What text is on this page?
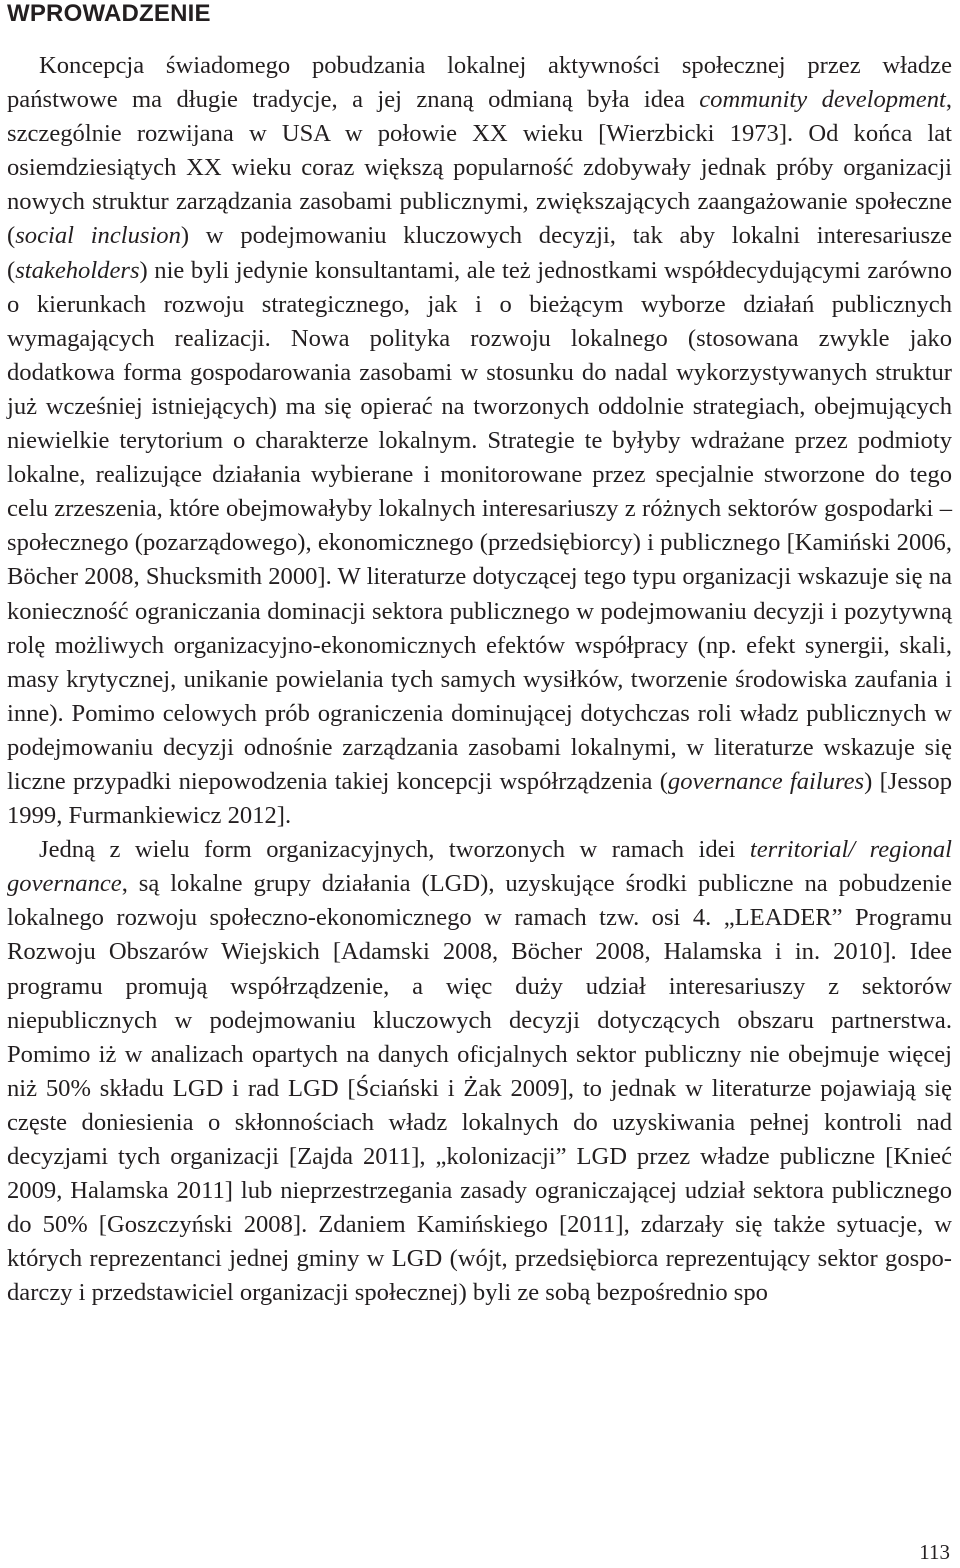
WPROWADZENIE

Koncepcja świadomego pobudzania lokalnej aktywności społecznej przez władze państwowe ma długie tradycje, a jej znaną odmianą była idea community development, szczególnie rozwijana w USA w połowie XX wieku [Wierzbicki 1973]. Od końca lat osiemdziesiątych XX wieku coraz większą popularność zdobywały jednak próby organizacji nowych struktur zarządzania zasobami publicznymi, zwiększających zaangażowanie społeczne (social inclusion) w podejmowaniu kluczowych decyzji, tak aby lokalni interesariusze (stakeholders) nie byli jedynie konsultantami, ale też jednostkami współdecydującymi zarówno o kierunkach rozwoju strategicznego, jak i o bieżącym wyborze działań publicznych wymagających realizacji. Nowa polityka rozwoju lokalnego (stosowana zwykle jako dodatkowa forma gospodarowania zasobami w stosunku do nadal wykorzystywanych struktur już wcześniej istniejących) ma się opierać na tworzonych oddolnie strategiach, obejmujących niewielkie terytorium o charakterze lokalnym. Strategie te byłyby wdrażane przez podmioty lokalne, realizujące działania wybierane i monitorowane przez specjalnie stworzone do tego celu zrzeszenia, które obejmowałyby lokalnych interesariuszy z różnych sektorów gospodarki – społecznego (pozarządowego), ekonomicznego (przedsiębiorcy) i publicznego [Kamiński 2006, Böcher 2008, Shucksmith 2000]. W literaturze dotyczącej tego typu organizacji wskazuje się na konieczność ograniczania dominacji sektora publicznego w podejmowaniu decyzji i pozytywną rolę możliwych organizacyjno-ekonomicznych efektów współpracy (np. efekt synergii, skali, masy krytycznej, unikanie powielania tych samych wysiłków, tworzenie środowiska zaufania i inne). Pomimo celowych prób ograniczenia dominującej dotychczas roli władz publicznych w podejmowaniu decyzji odnośnie zarządzania zasobami lokalnymi, w literaturze wskazuje się liczne przypadki niepowodzenia takiej koncepcji współrządzenia (governance failures) [Jessop 1999, Furmankiewicz 2012].

Jedną z wielu form organizacyjnych, tworzonych w ramach idei territorial/ regional governance, są lokalne grupy działania (LGD), uzyskujące środki publiczne na pobudzenie lokalnego rozwoju społeczno-ekonomicznego w ramach tzw. osi 4. „LEADER” Programu Rozwoju Obszarów Wiejskich [Adamski 2008, Böcher 2008, Halamska i in. 2010]. Idee programu promują współrządzenie, a więc duży udział interesariuszy z sektorów niepublicznych w podejmowaniu kluczowych decyzji dotyczących obszaru partnerstwa. Pomimo iż w analizach opartych na danych oficjalnych sektor publiczny nie obejmuje więcej niż 50% składu LGD i rad LGD [Ściański i Żak 2009], to jednak w literaturze pojawiają się częste doniesienia o skłonnościach władz lokalnych do uzyskiwania pełnej kontroli nad decyzjami tych organizacji [Zajda 2011], „kolonizacji” LGD przez władze publiczne [Knieć 2009, Halamska 2011] lub nieprzestrzegania zasady ograniczającej udział sektora publicznego do 50% [Goszczyński 2008]. Zdaniem Kamińskiego [2011], zdarzały się także sytuacje, w których reprezentanci jednej gminy w LGD (wójt, przedsiębiorca reprezentujący sektor gospodarczy i przedstawiciel organizacji społecznej) byli ze sobą bezpośrednio spo

113
